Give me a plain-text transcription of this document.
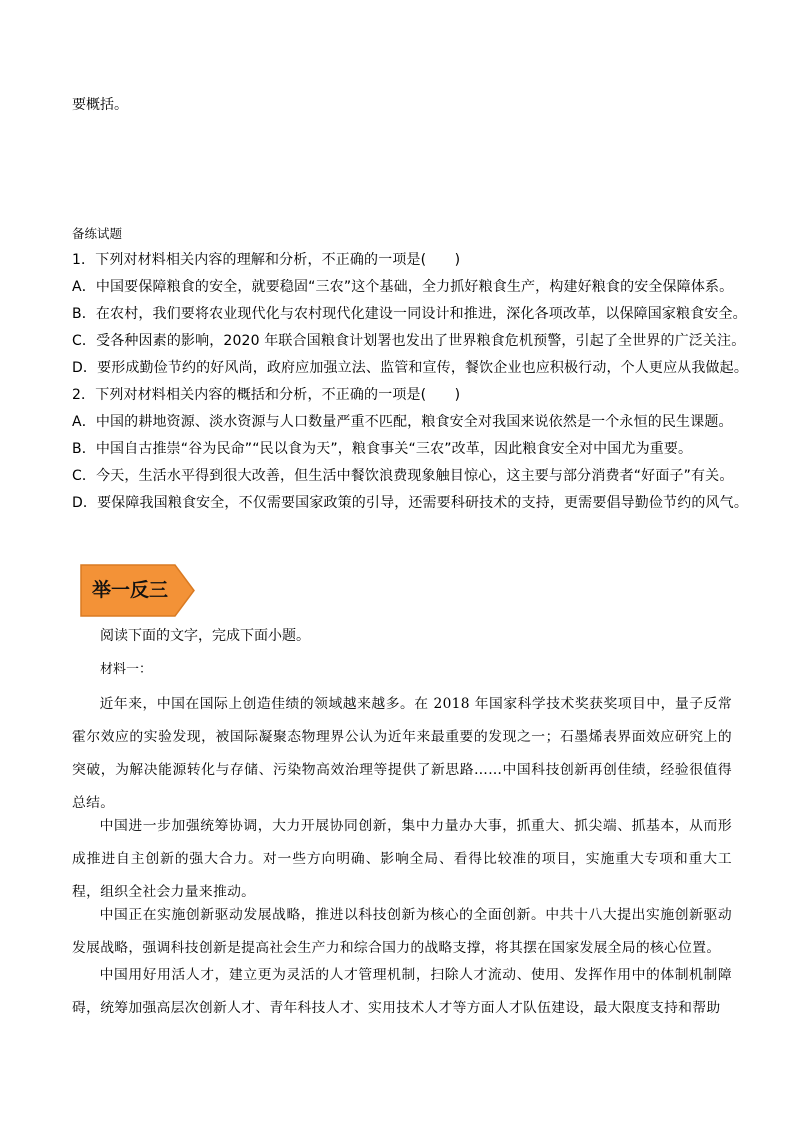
要概括。
备练试题
1．下列对材料相关内容的理解和分析，不正确的一项是(　　)
A．中国要保障粮食的安全，就要稳固“三农”这个基础，全力抓好粮食生产，构建好粮食的安全保障体系。
B．在农村，我们要将农业现代化与农村现代化建设一同设计和推进，深化各项改革，以保障国家粮食安全。
C．受各种因素的影响，2020 年联合国粮食计划署也发出了世界粮食危机预警，引起了全世界的广泛关注。
D．要形成勤俭节约的好风尚，政府应加强立法、监管和宣传，餐饮企业也应积极行动，个人更应从我做起。
2．下列对材料相关内容的概括和分析，不正确的一项是(　　)
A．中国的耕地资源、淡水资源与人口数量严重不匹配，粮食安全对我国来说依然是一个永恒的民生课题。
B．中国自古推崇“谷为民命”“民以食为天”，粮食事关“三农”改革，因此粮食安全对中国尤为重要。
C．今天，生活水平得到很大改善，但生活中餐饮浪费现象触目惊心，这主要与部分消费者“好面子”有关。
D．要保障我国粮食安全，不仅需要国家政策的引导，还需要科研技术的支持，更需要倡导勤俭节约的风气。
举一反三
阅读下面的文字，完成下面小题。
材料一：
近年来，中国在国际上创造佳绩的领域越来越多。在 2018 年国家科学技术奖获奖项目中，量子反常霍尔效应的实验发现，被国际凝聚态物理界公认为近年来最重要的发现之一；石墨烯表界面效应研究上的突破，为解决能源转化与存储、污染物高效治理等提供了新思路……中国科技创新再创佳绩，经验很值得总结。
中国进一步加强统筹协调，大力开展协同创新，集中力量办大事，抓重大、抓尖端、抓基本，从而形成推进自主创新的强大合力。对一些方向明确、影响全局、看得比较准的项目，实施重大专项和重大工程，组织全社会力量来推动。
中国正在实施创新驱动发展战略，推进以科技创新为核心的全面创新。中共十八大提出实施创新驱动发展战略，强调科技创新是提高社会生产力和综合国力的战略支撑，将其摆在国家发展全局的核心位置。
中国用好用活人才，建立更为灵活的人才管理机制，扫除人才流动、使用、发挥作用中的体制机制障碍，统筹加强高层次创新人才、青年科技人才、实用技术人才等方面人才队伍建设，最大限度支持和帮助
